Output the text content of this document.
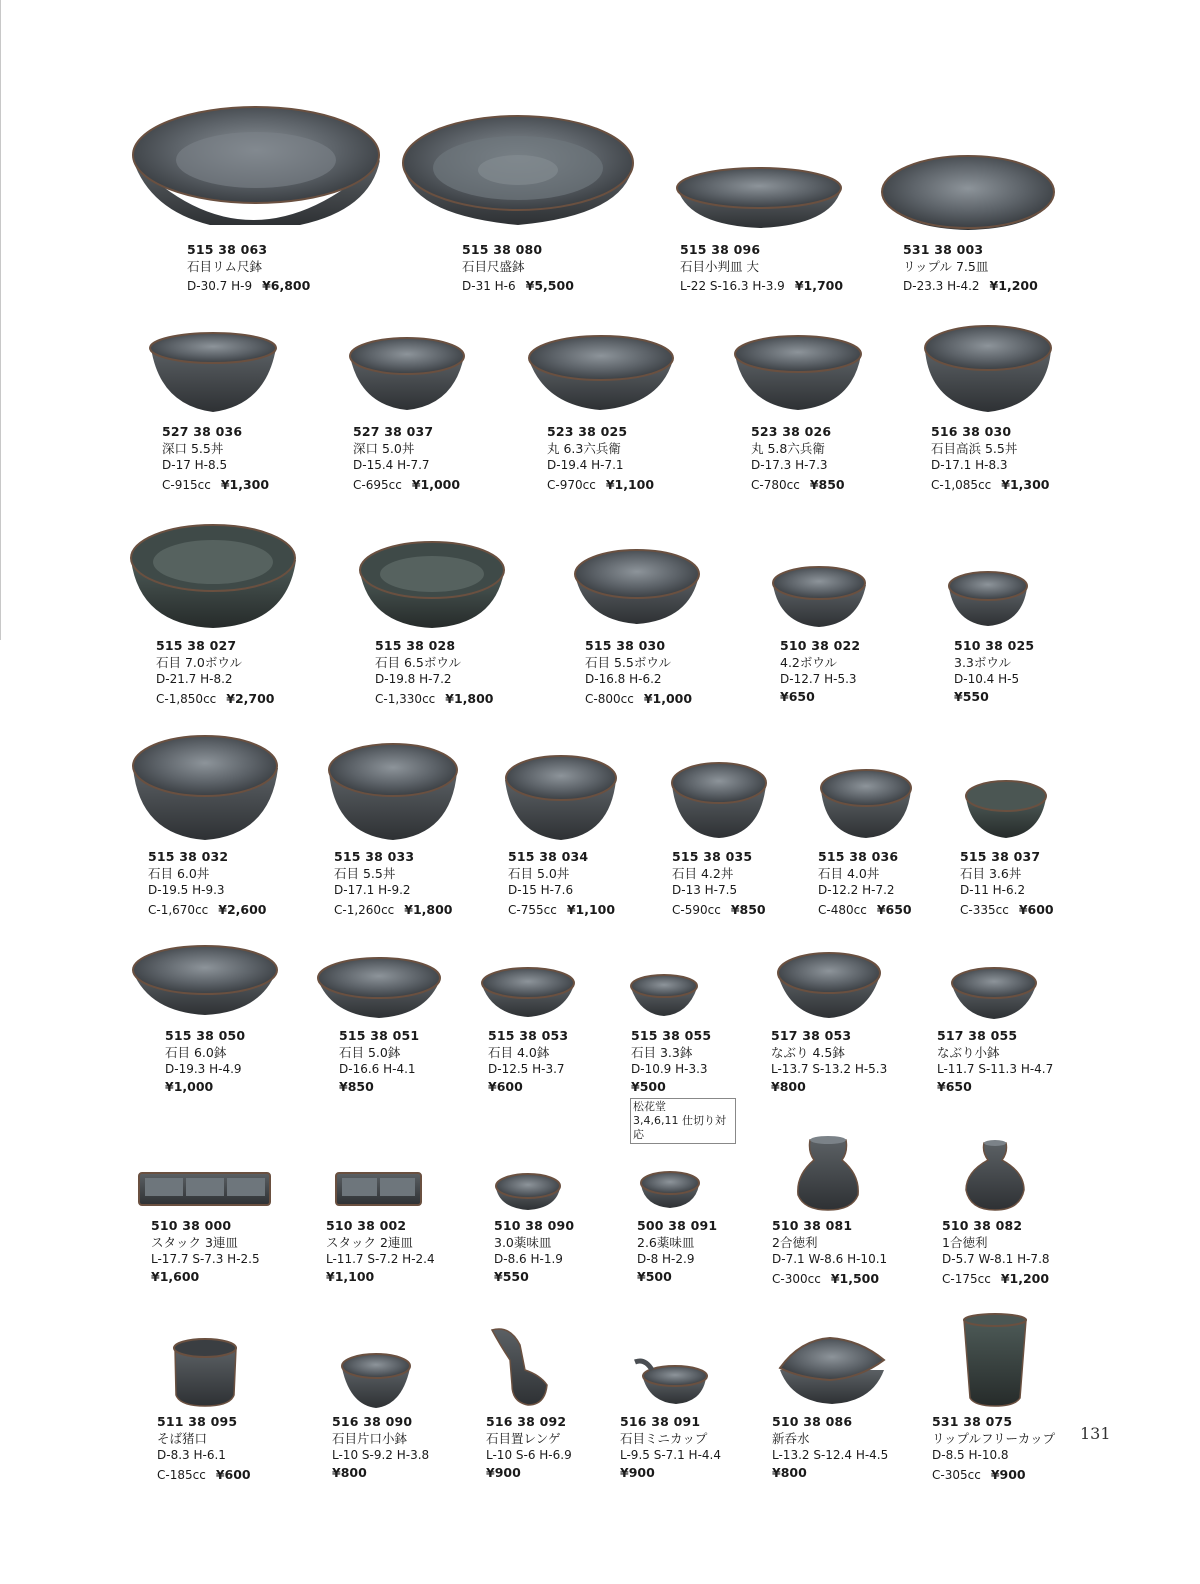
515 38 063
石目リム尺鉢
D-30.7 H-9 ¥6,800
515 38 080
石目尺盛鉢
D-31 H-6 ¥5,500
515 38 096
石目小判皿 大
L-22 S-16.3 H-3.9 ¥1,700
531 38 003
リップル 7.5皿
D-23.3 H-4.2 ¥1,200
527 38 036
深口 5.5丼
D-17 H-8.5
C-915cc ¥1,300
527 38 037
深口 5.0丼
D-15.4 H-7.7
C-695cc ¥1,000
523 38 025
丸 6.3六兵衛
D-19.4 H-7.1
C-970cc ¥1,100
523 38 026
丸 5.8六兵衛
D-17.3 H-7.3
C-780cc ¥850
516 38 030
石目高浜 5.5丼
D-17.1 H-8.3
C-1,085cc ¥1,300
515 38 027
石目 7.0ボウル
D-21.7 H-8.2
C-1,850cc ¥2,700
515 38 028
石目 6.5ボウル
D-19.8 H-7.2
C-1,330cc ¥1,800
515 38 030
石目 5.5ボウル
D-16.8 H-6.2
C-800cc ¥1,000
510 38 022
4.2ボウル
D-12.7 H-5.3
¥650
510 38 025
3.3ボウル
D-10.4 H-5
¥550
515 38 032
石目 6.0丼
D-19.5 H-9.3
C-1,670cc ¥2,600
515 38 033
石目 5.5丼
D-17.1 H-9.2
C-1,260cc ¥1,800
515 38 034
石目 5.0丼
D-15 H-7.6
C-755cc ¥1,100
515 38 035
石目 4.2丼
D-13 H-7.5
C-590cc ¥850
515 38 036
石目 4.0丼
D-12.2 H-7.2
C-480cc ¥650
515 38 037
石目 3.6丼
D-11 H-6.2
C-335cc ¥600
515 38 050
石目 6.0鉢
D-19.3 H-4.9
¥1,000
515 38 051
石目 5.0鉢
D-16.6 H-4.1
¥850
515 38 053
石目 4.0鉢
D-12.5 H-3.7
¥600
515 38 055
石目 3.3鉢
D-10.9 H-3.3
¥500
517 38 053
なぶり 4.5鉢
L-13.7 S-13.2 H-5.3
¥800
517 38 055
なぶり小鉢
L-11.7 S-11.3 H-4.7
¥650
松花堂
3,4,6,11 仕切り対応
510 38 000
スタック 3連皿
L-17.7 S-7.3 H-2.5
¥1,600
510 38 002
スタック 2連皿
L-11.7 S-7.2 H-2.4
¥1,100
510 38 090
3.0薬味皿
D-8.6 H-1.9
¥550
500 38 091
2.6薬味皿
D-8 H-2.9
¥500
510 38 081
2合徳利
D-7.1 W-8.6 H-10.1
C-300cc ¥1,500
510 38 082
1合徳利
D-5.7 W-8.1 H-7.8
C-175cc ¥1,200
511 38 095
そば猪口
D-8.3 H-6.1
C-185cc ¥600
516 38 090
石目片口小鉢
L-10 S-9.2 H-3.8
¥800
516 38 092
石目置レンゲ
L-10 S-6 H-6.9
¥900
516 38 091
石目ミニカップ
L-9.5 S-7.1 H-4.4
¥900
510 38 086
新呑水
L-13.2 S-12.4 H-4.5
¥800
531 38 075
リップルフリーカップ
D-8.5 H-10.8
C-305cc ¥900
131
